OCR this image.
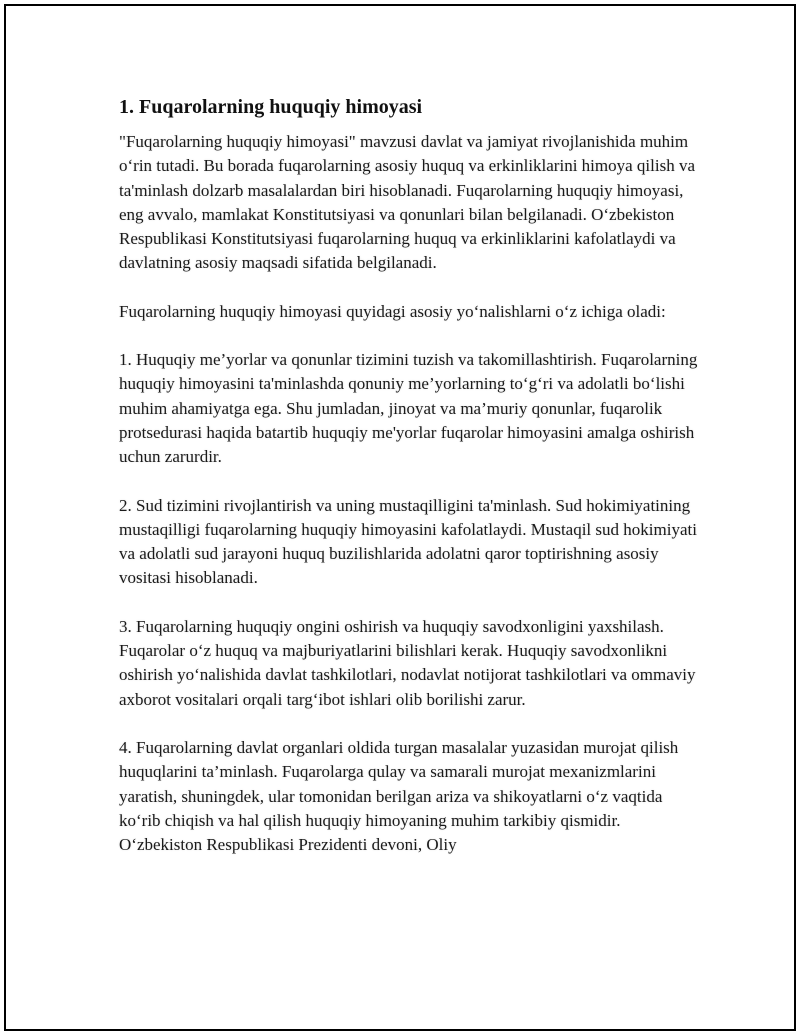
1. Fuqarolarning huquqiy himoyasi

"Fuqarolarning huquqiy himoyasi" mavzusi davlat va jamiyat rivojlanishida muhim o‘rin tutadi. Bu borada fuqarolarning asosiy huquq va erkinliklarini himoya qilish va ta'minlash dolzarb masalalardan biri hisoblanadi. Fuqarolarning huquqiy himoyasi, eng avvalo, mamlakat Konstitutsiyasi va qonunlari bilan belgilanadi. O‘zbekiston Respublikasi Konstitutsiyasi fuqarolarning huquq va erkinliklarini kafolatlaydi va davlatning asosiy maqsadi sifatida belgilanadi.

Fuqarolarning huquqiy himoyasi quyidagi asosiy yo‘nalishlarni o‘z ichiga oladi:

1. Huquqiy me’yorlar va qonunlar tizimini tuzish va takomillashtirish. Fuqarolarning huquqiy himoyasini ta'minlashda qonuniy me’yorlarning to‘g‘ri va adolatli bo‘lishi muhim ahamiyatga ega. Shu jumladan, jinoyat va ma’muriy qonunlar, fuqarolik protsedurasi haqida batartib huquqiy me'yorlar fuqarolar himoyasini amalga oshirish uchun zarurdir.

2. Sud tizimini rivojlantirish va uning mustaqilligini ta'minlash. Sud hokimiyatining mustaqilligi fuqarolarning huquqiy himoyasini kafolatlaydi. Mustaqil sud hokimiyati va adolatli sud jarayoni huquq buzilishlarida adolatni qaror toptirishning asosiy vositasi hisoblanadi.

3. Fuqarolarning huquqiy ongini oshirish va huquqiy savodxonligini yaxshilash. Fuqarolar o‘z huquq va majburiyatlarini bilishlari kerak. Huquqiy savodxonlikni oshirish yo‘nalishida davlat tashkilotlari, nodavlat notijorat tashkilotlari va ommaviy axborot vositalari orqali targ‘ibot ishlari olib borilishi zarur.

4. Fuqarolarning davlat organlari oldida turgan masalalar yuzasidan murojat qilish huquqlarini ta’minlash. Fuqarolarga qulay va samarali murojat mexanizmlarini yaratish, shuningdek, ular tomonidan berilgan ariza va shikoyatlarni o‘z vaqtida ko‘rib chiqish va hal qilish huquqiy himoyaning muhim tarkibiy qismidir. O‘zbekiston Respublikasi Prezidenti devoni, Oliy
